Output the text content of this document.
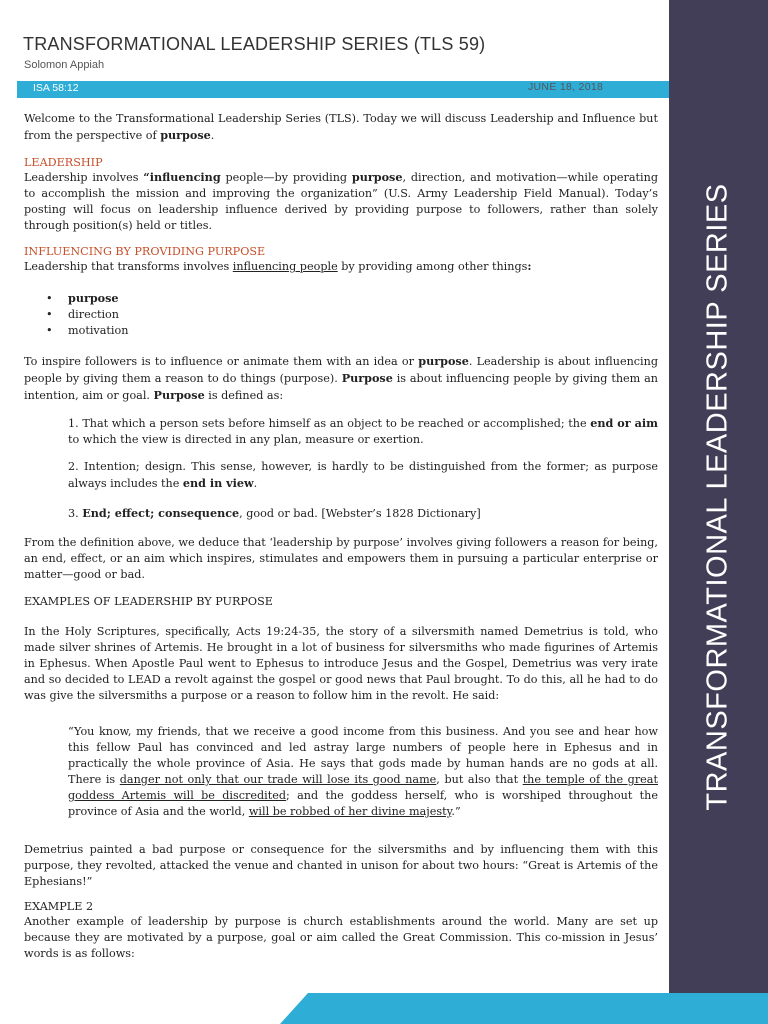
TRANSFORMATIONAL LEADERSHIP SERIES
TRANSFORMATIONAL LEADERSHIP SERIES (TLS 59)
Solomon Appiah
ISA 58:12	JUNE 18, 2018
Welcome to the Transformational Leadership Series (TLS). Today we will discuss Leadership and Influence but from the perspective of purpose.
LEADERSHIP
Leadership involves “influencing people—by providing purpose, direction, and motivation—while operating to accomplish the mission and improving the organization” (U.S. Army Leadership Field Manual). Today’s posting will focus on leadership influence derived by providing purpose to followers, rather than solely through position(s) held or titles.
INFLUENCING BY PROVIDING PURPOSE
Leadership that transforms involves influencing people by providing among other things:
• purpose
• direction
• motivation
To inspire followers is to influence or animate them with an idea or purpose. Leadership is about influencing people by giving them a reason to do things (purpose). Purpose is about influencing people by giving them an intention, aim or goal. Purpose is defined as:
1. That which a person sets before himself as an object to be reached or accomplished; the end or aim to which the view is directed in any plan, measure or exertion.
2. Intention; design. This sense, however, is hardly to be distinguished from the former; as purpose always includes the end in view.
3. End; effect; consequence, good or bad. [Webster’s 1828 Dictionary]
From the definition above, we deduce that ‘leadership by purpose’ involves giving followers a reason for being, an end, effect, or an aim which inspires, stimulates and empowers them in pursuing a particular enterprise or matter—good or bad.
EXAMPLES OF LEADERSHIP BY PURPOSE
In the Holy Scriptures, specifically, Acts 19:24-35, the story of a silversmith named Demetrius is told, who made silver shrines of Artemis. He brought in a lot of business for silversmiths who made figurines of Artemis in Ephesus. When Apostle Paul went to Ephesus to introduce Jesus and the Gospel, Demetrius was very irate and so decided to LEAD a revolt against the gospel or good news that Paul brought. To do this, all he had to do was give the silversmiths a purpose or a reason to follow him in the revolt. He said:
“You know, my friends, that we receive a good income from this business. And you see and hear how this fellow Paul has convinced and led astray large numbers of people here in Ephesus and in practically the whole province of Asia. He says that gods made by human hands are no gods at all. There is danger not only that our trade will lose its good name, but also that the temple of the great goddess Artemis will be discredited; and the goddess herself, who is worshiped throughout the province of Asia and the world, will be robbed of her divine majesty.”
Demetrius painted a bad purpose or consequence for the silversmiths and by influencing them with this purpose, they revolted, attacked the venue and chanted in unison for about two hours: “Great is Artemis of the Ephesians!”
EXAMPLE 2
Another example of leadership by purpose is church establishments around the world. Many are set up because they are motivated by a purpose, goal or aim called the Great Commission. This co-mission in Jesus’ words is as follows:
